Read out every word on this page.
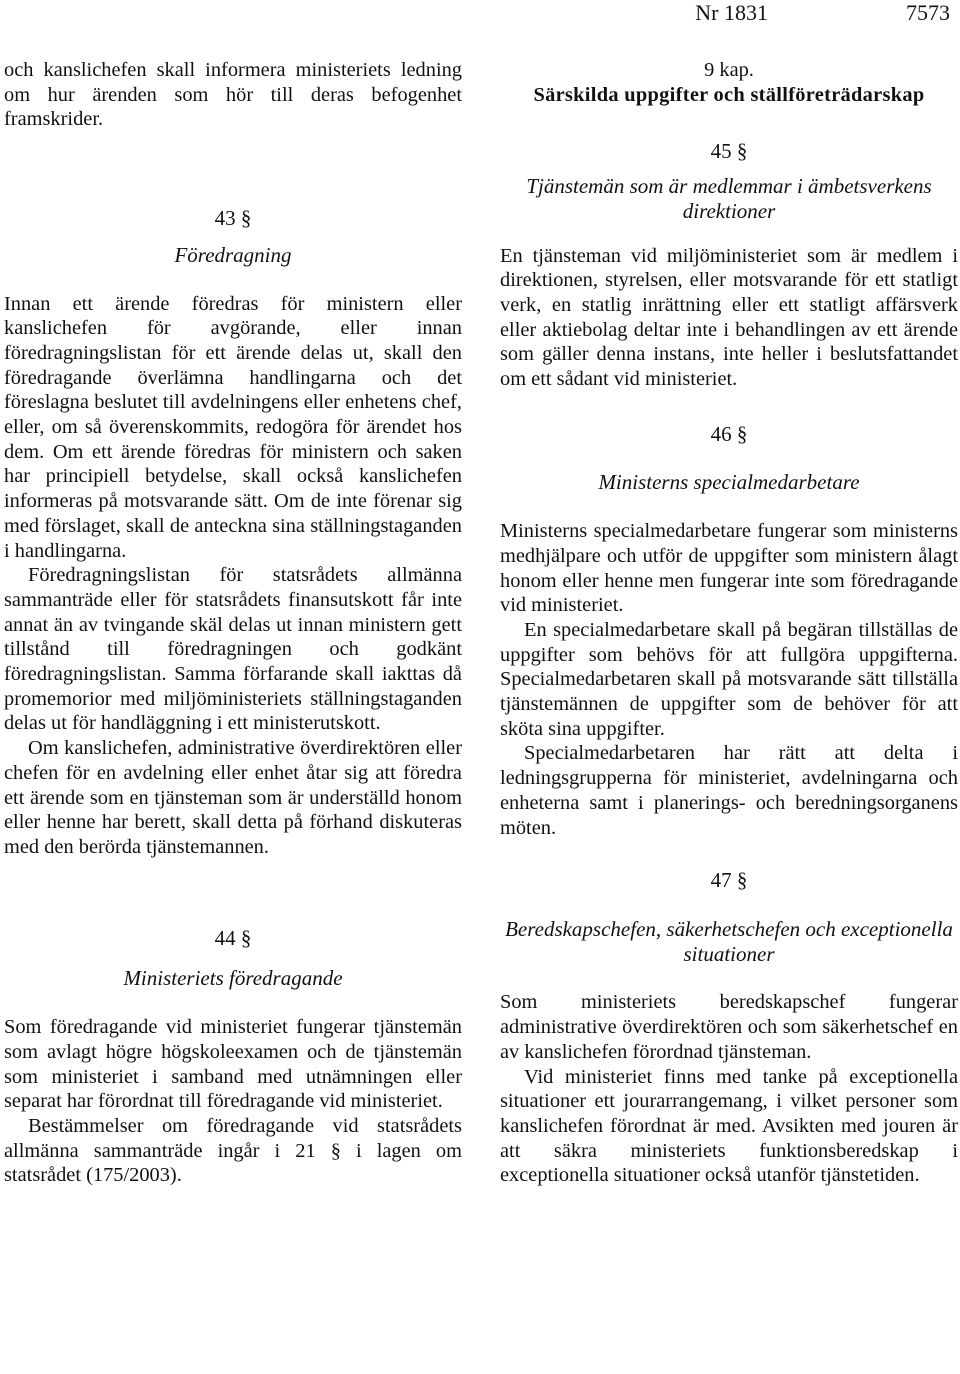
Nr 1831	7573

och kanslichefen skall informera ministeriets ledning om hur ärenden som hör till deras befogenhet framskrider.

43 §
Föredragning

Innan ett ärende föredras för ministern eller kanslichefen för avgörande, eller innan föredragningslistan för ett ärende delas ut, skall den föredragande överlämna handlingarna och det föreslagna beslutet till avdelningens eller enhetens chef, eller, om så överenskommits, redogöra för ärendet hos dem. Om ett ärende föredras för ministern och saken har principiell betydelse, skall också kanslichefen informeras på motsvarande sätt. Om de inte förenar sig med förslaget, skall de anteckna sina ställningstaganden i handlingarna.

Föredragningslistan för statsrådets allmänna sammanträde eller för statsrådets finansutskott får inte annat än av tvingande skäl delas ut innan ministern gett tillstånd till föredragningen och godkänt föredragningslistan. Samma förfarande skall iakttas då promemorior med miljöministeriets ställningstaganden delas ut för handläggning i ett ministerutskott.

Om kanslichefen, administrative överdirektören eller chefen för en avdelning eller enhet åtar sig att föredra ett ärende som en tjänsteman som är underställd honom eller henne har berett, skall detta på förhand diskuteras med den berörda tjänstemannen.

44 §
Ministeriets föredragande

Som föredragande vid ministeriet fungerar tjänstemän som avlagt högre högskoleexamen och de tjänstemän som ministeriet i samband med utnämningen eller separat har förordnat till föredragande vid ministeriet.

Bestämmelser om föredragande vid statsrådets allmänna sammanträde ingår i 21 § i lagen om statsrådet (175/2003).

9 kap.
Särskilda uppgifter och ställföreträdarskap
45 §
Tjänstemän som är medlemmar i ämbetsverkens direktioner

En tjänsteman vid miljöministeriet som är medlem i direktionen, styrelsen, eller motsvarande för ett statligt verk, en statlig inrättning eller ett statligt affärsverk eller aktiebolag deltar inte i behandlingen av ett ärende som gäller denna instans, inte heller i beslutsfattandet om ett sådant vid ministeriet.

46 §
Ministerns specialmedarbetare

Ministerns specialmedarbetare fungerar som ministerns medhjälpare och utför de uppgifter som ministern ålagt honom eller henne men fungerar inte som föredragande vid ministeriet.

En specialmedarbetare skall på begäran tillställas de uppgifter som behövs för att fullgöra uppgifterna. Specialmedarbetaren skall på motsvarande sätt tillställa tjänstemännen de uppgifter som de behöver för att sköta sina uppgifter.

Specialmedarbetaren har rätt att delta i ledningsgrupperna för ministeriet, avdelningarna och enheterna samt i planerings- och beredningsorganens möten.

47 §
Beredskapschefen, säkerhetschefen och exceptionella situationer

Som ministeriets beredskapschef fungerar administrative överdirektören och som säkerhetschef en av kanslichefen förordnad tjänsteman.

Vid ministeriet finns med tanke på exceptionella situationer ett jourarrangemang, i vilket personer som kanslichefen förordnat är med. Avsikten med jouren är att säkra ministeriets funktionsberedskap i exceptionella situationer också utanför tjänstetiden.
